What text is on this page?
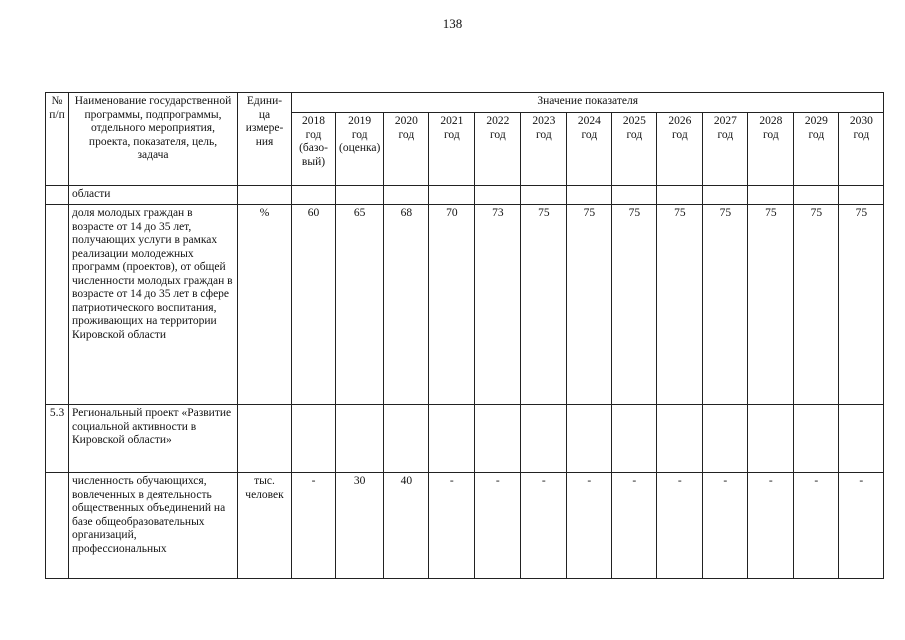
138
№
п/п	Наименование государственной программы, подпрограммы, отдельного мероприятия, проекта, показателя, цель, задача	Едини-
ца
измере-
ния	Значение показателя												
			2018
год
(базо-
вый)	2019
год
(оценка)	2020
год	2021
год	2022
год	2023
год	2024
год	2025
год	2026
год	2027
год	2028
год	2029
год	2030
год
	области														
	доля молодых граждан в возрасте от 14 до 35 лет, получающих услуги в рамках реализации молодежных программ (проектов), от общей численности молодых граждан в возрасте от 14 до 35 лет в сфере патриотического воспитания, проживающих на территории Кировской области	%	60	65	68	70	73	75	75	75	75	75	75	75	75
5.3	Региональный проект «Развитие социальной активности в Кировской области»														
	численность обучающихся, вовлеченных в деятельность общественных объединений на базе общеобразовательных организаций, профессиональных	тыс.
человек	-	30	40	-	-	-	-	-	-	-	-	-	-
